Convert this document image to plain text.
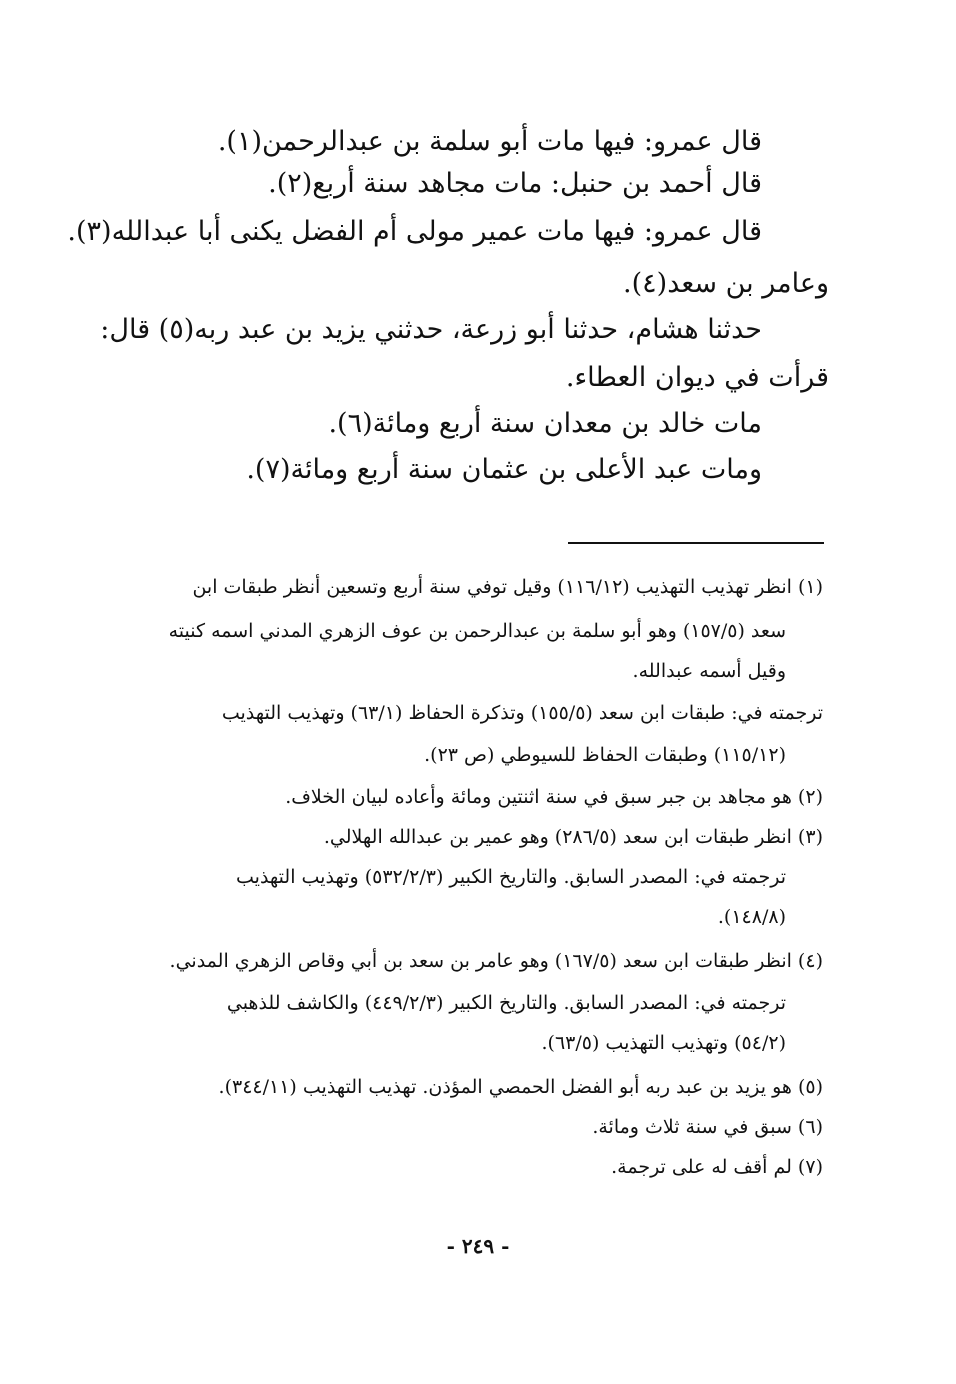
قال عمرو: فيها مات أبو سلمة بن عبدالرحمن(١).
قال أحمد بن حنبل: مات مجاهد سنة أربع(٢).
قال عمرو: فيها مات عمير مولى أم الفضل يكنى أبا عبدالله(٣).
وعامر بن سعد(٤).
حدثنا هشام، حدثنا أبو زرعة، حدثني يزيد بن عبد ربه(٥) قال:
قرأت في ديوان العطاء.
مات خالد بن معدان سنة أربع ومائة(٦).
ومات عبد الأعلى بن عثمان سنة أربع ومائة(٧).
(١) انظر تهذيب التهذيب (١١٦/١٢) وقيل توفي سنة أربع وتسعين أنظر طبقات ابن
سعد (١٥٧/٥) وهو أبو سلمة بن عبدالرحمن بن عوف الزهري المدني اسمه كنيته
وقيل أسمه عبدالله.
ترجمته في: طبقات ابن سعد (١٥٥/٥) وتذكرة الحفاظ (٦٣/١) وتهذيب التهذيب
(١١٥/١٢) وطبقات الحفاظ للسيوطي (ص ٢٣).
(٢) هو مجاهد بن جبر سبق في سنة اثنتين ومائة وأعاده لبيان الخلاف.
(٣) انظر طبقات ابن سعد (٢٨٦/٥) وهو عمير بن عبدالله الهلالي.
ترجمته في: المصدر السابق. والتاريخ الكبير (٥٣٢/٢/٣) وتهذيب التهذيب
(١٤٨/٨).
(٤) انظر طبقات ابن سعد (١٦٧/٥) وهو عامر بن سعد بن أبي وقاص الزهري المدني.
ترجمته في: المصدر السابق. والتاريخ الكبير (٤٤٩/٢/٣) والكاشف للذهبي
(٥٤/٢) وتهذيب التهذيب (٦٣/٥).
(٥) هو يزيد بن عبد ربه أبو الفضل الحمصي المؤذن. تهذيب التهذيب (٣٤٤/١١).
(٦) سبق في سنة ثلاث ومائة.
(٧) لم أقف له على ترجمة.
- ٢٤٩ -
